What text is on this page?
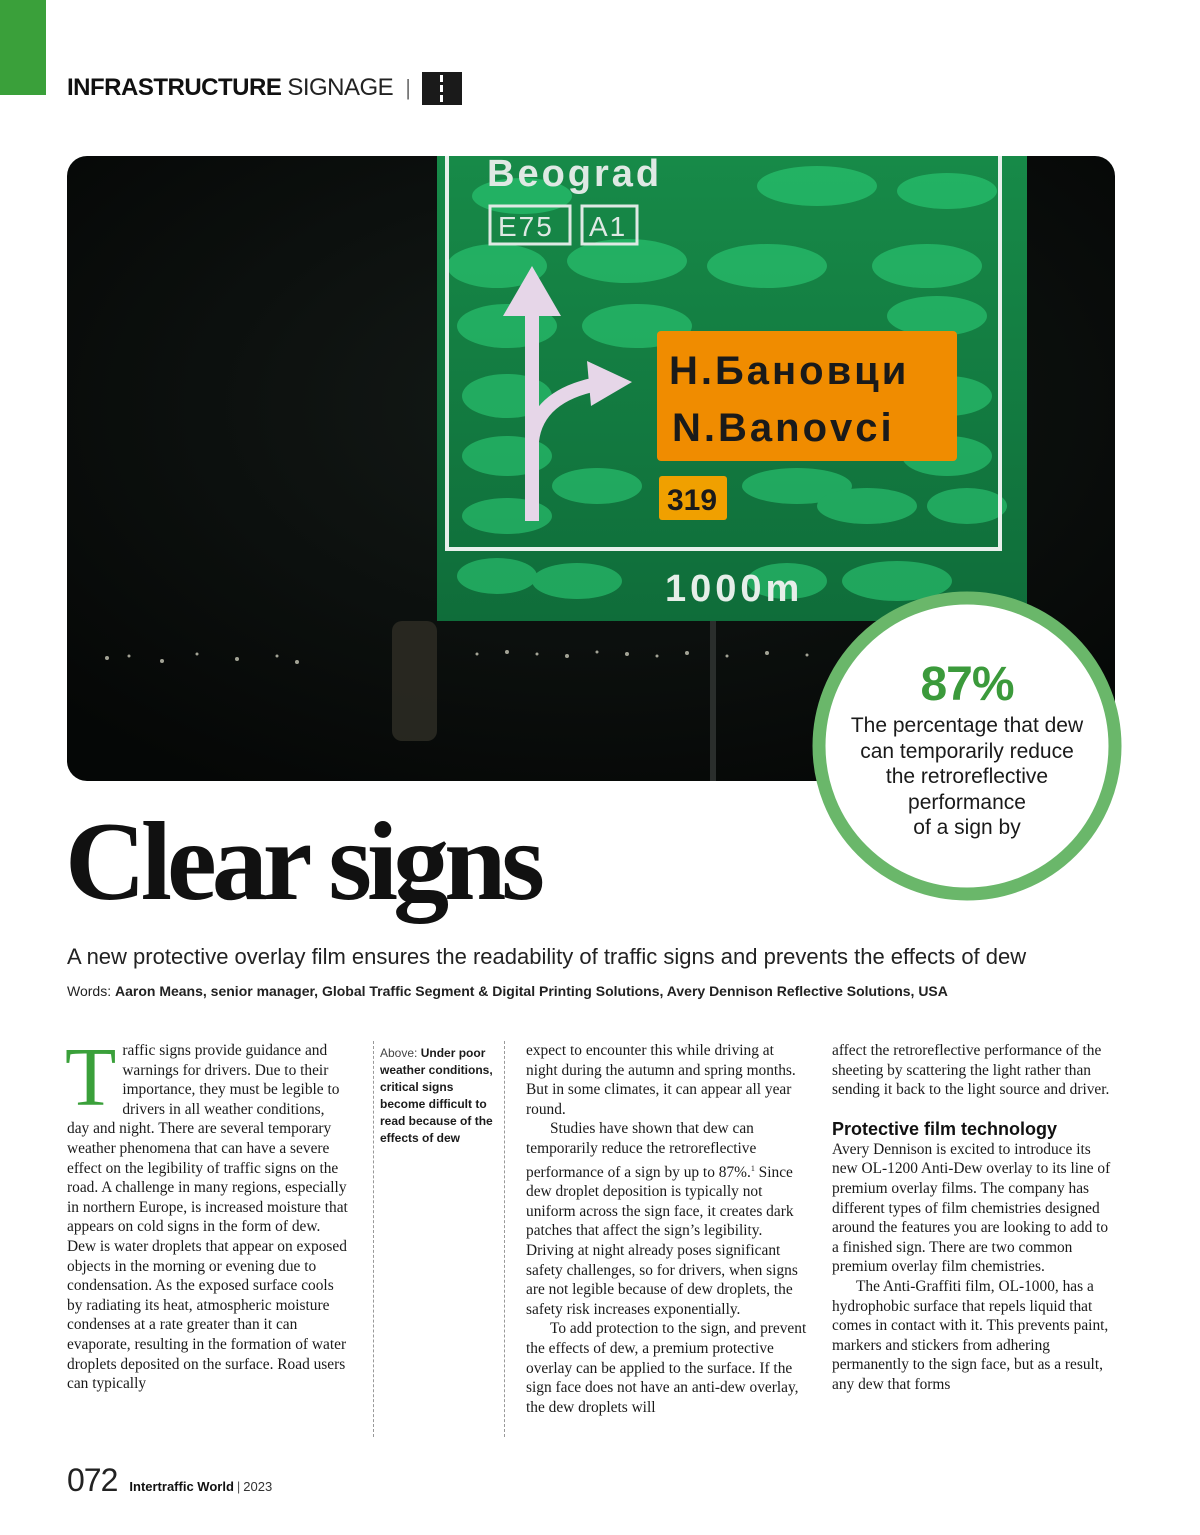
INFRASTRUCTURE SIGNAGE |
Beograd
E75 A1
Н.Бановци
N.Banovci
319
1000m
87%
The percentage that dew
can temporarily reduce
the retroreflective
performance
of a sign by
Clear signs
A new protective overlay film ensures the readability of traffic signs and prevents the effects of dew
Words: Aaron Means, senior manager, Global Traffic Segment & Digital Printing Solutions, Avery Dennison Reflective Solutions, USA

Traffic signs provide guidance and warnings for drivers. Due to their importance, they must be legible to drivers in all weather conditions, day and night. There are several temporary weather phenomena that can have a severe effect on the legibility of traffic signs on the road. A challenge in many regions, especially in northern Europe, is increased moisture that appears on cold signs in the form of dew. Dew is water droplets that appear on exposed objects in the morning or evening due to condensation. As the exposed surface cools by radiating its heat, atmospheric moisture condenses at a rate greater than it can evaporate, resulting in the formation of water droplets deposited on the surface. Road users can typically

Above: Under poor weather conditions, critical signs become difficult to read because of the effects of dew

expect to encounter this while driving at night during the autumn and spring months. But in some climates, it can appear all year round.

Studies have shown that dew can temporarily reduce the retroreflective performance of a sign by up to 87%.$^1$ Since dew droplet deposition is typically not uniform across the sign face, it creates dark patches that affect the sign’s legibility. Driving at night already poses significant safety challenges, so for drivers, when signs are not legible because of dew droplets, the safety risk increases exponentially.

To add protection to the sign, and prevent the effects of dew, a premium protective overlay can be applied to the surface. If the sign face does not have an anti-dew overlay, the dew droplets will

affect the retroreflective performance of the sheeting by scattering the light rather than sending it back to the light source and driver.

Protective film technology

Avery Dennison is excited to introduce its new OL-1200 Anti-Dew overlay to its line of premium overlay films. The company has different types of film chemistries designed around the features you are looking to add to a finished sign. There are two common premium overlay film chemistries.

The Anti-Graffiti film, OL-1000, has a hydrophobic surface that repels liquid that comes in contact with it. This prevents paint, markers and stickers from adhering permanently to the sign face, but as a result, any dew that forms

072 Intertraffic World | 2023
